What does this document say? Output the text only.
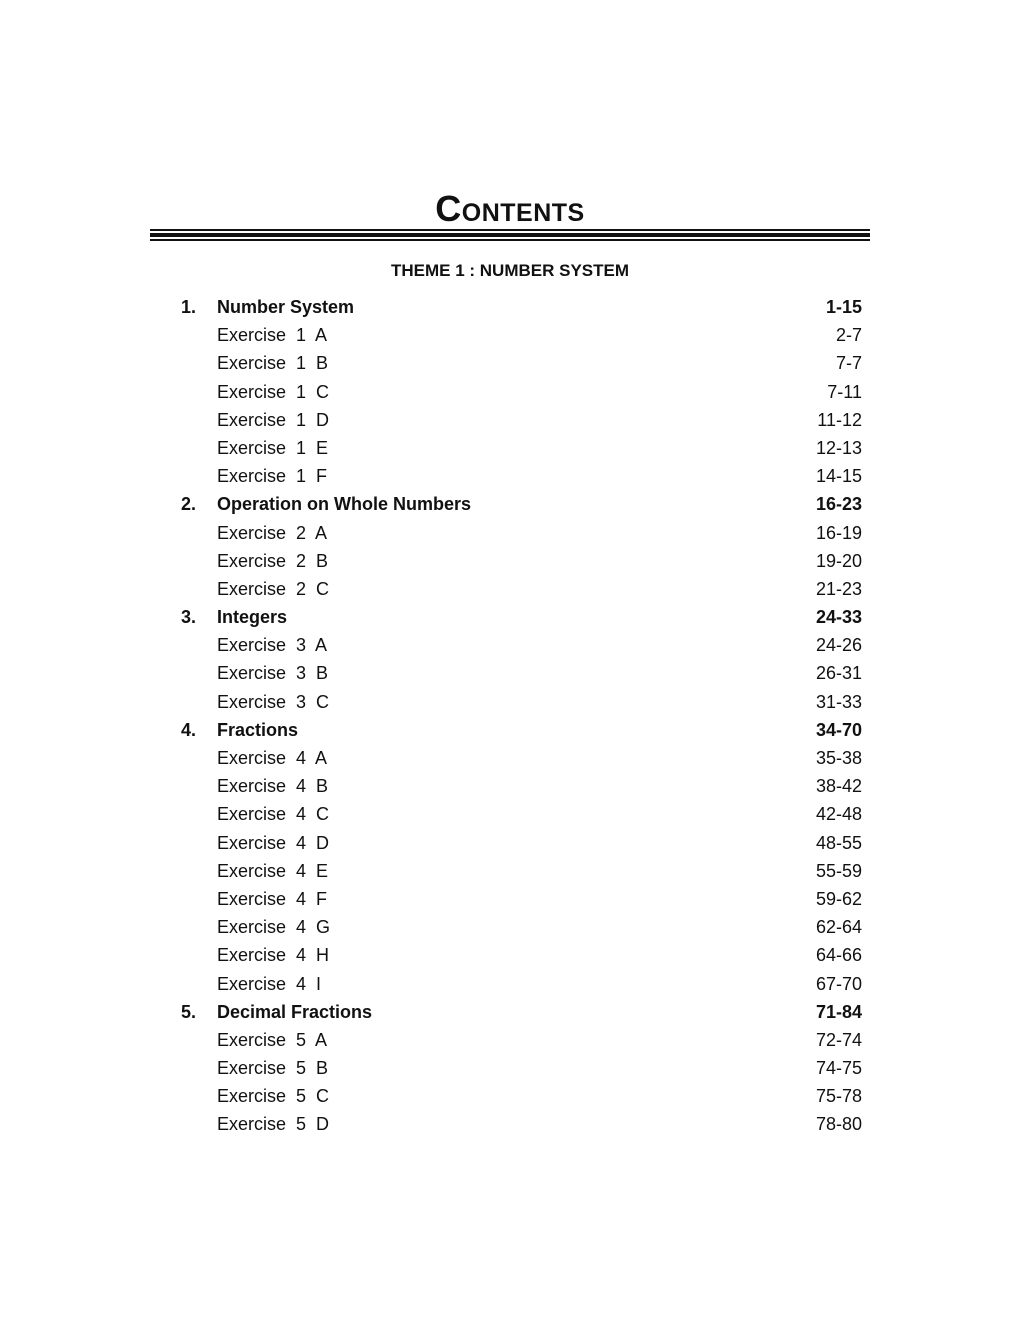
Contents
THEME 1 : NUMBER SYSTEM
1. Number System	1-15
Exercise  1  A	2-7
Exercise  1  B	7-7
Exercise  1  C	7-11
Exercise  1  D	11-12
Exercise  1  E	12-13
Exercise  1  F	14-15
2. Operation on Whole Numbers	16-23
Exercise  2  A	16-19
Exercise  2  B	19-20
Exercise  2  C	21-23
3. Integers	24-33
Exercise  3  A	24-26
Exercise  3  B	26-31
Exercise  3  C	31-33
4. Fractions	34-70
Exercise  4  A	35-38
Exercise  4  B	38-42
Exercise  4  C	42-48
Exercise  4  D	48-55
Exercise  4  E	55-59
Exercise  4  F	59-62
Exercise  4  G	62-64
Exercise  4  H	64-66
Exercise  4  I	67-70
5. Decimal Fractions	71-84
Exercise  5  A	72-74
Exercise  5  B	74-75
Exercise  5  C	75-78
Exercise  5  D	78-80
